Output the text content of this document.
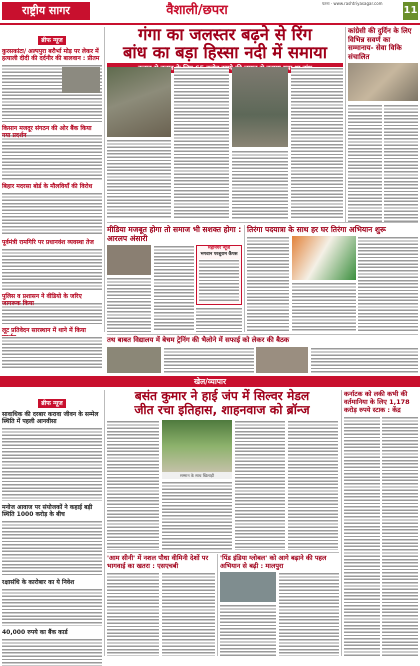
राष्ट्रीय सागर	वैशाली/छपरा	पटना · www.rashtriyasagar.com
11
ब्रीफ न्यूज
कुरसकांटा/ अल्पपुरा बरौर्भा मोड़ पर लेकर में हत्याली दीदी की दर्दनीर की बालवान : प्रीतम
किसान मजदूर संगठन की ओर बैंक किया गया प्रदर्शन
बिहार मदरसा बोर्ड के मौलवियाँ की विरोध
पूर्वमंत्री रामगिरि पर प्रधानवंश व्यवस्था तेज
पुलिस व प्रशासन ने वीडियो के जरिए जागरूक किया
लूट प्रतिवेदन सारस्थान में थाने में किया
गंगा का जलस्तर बढ़ने से रिंग
बांध का बड़ा हिस्सा नदी में समाया
कांग्रेसी की दुर्दिन के लिए विभिन्न सवर्ण का सम्मानाय- सेवा विकि संचालित
मीडिया मजबूत होगा तो समाज भी सशक्त होगा : आरलप अंसारी
महानगर न्यूज
भगवान परशुराम कैंपस
तिरंगा पदयात्रा के साथ हर घर तिरंगा अभियान शुरू
तथ बाबत विद्यालय में बेचम ट्रेनिंग की भैलोने में सफाई को लेकर की बैठक
खेल/व्यापार
ब्रीफ न्यूज
सावाधिक की दरबार करावा जीवन के सम्मेल स्थिति में पहली आनवीसा
मनोज आवाज पर संयोजकों ने कहाई बड़ी स्थिति 1000 करोड़ के बीच
रक्षासंधि के कारोबार का ये निवेश
40,000 रुपये का बैंक कार्ड
बसंत कुमार ने हाई जंप में सिल्वर मेडल
जीत रचा इतिहास, शाहनवाज को ब्रॉन्ज
सम्मान के साथ खिलाड़ी
कर्नाटक को लकी कभी की वर्तमानिया के लिए 1,178 करोड़ रुपये स्टाक : केंद्र
'आम सीनी' में नशल पौधा वीमिनी देशों पर भागवाई का खतरा : एसएचबी
'पिंड इंडिया ग्लोबल' को आगे बढ़ाने की पहल अभियान से बढ़ी : मालपुरा
